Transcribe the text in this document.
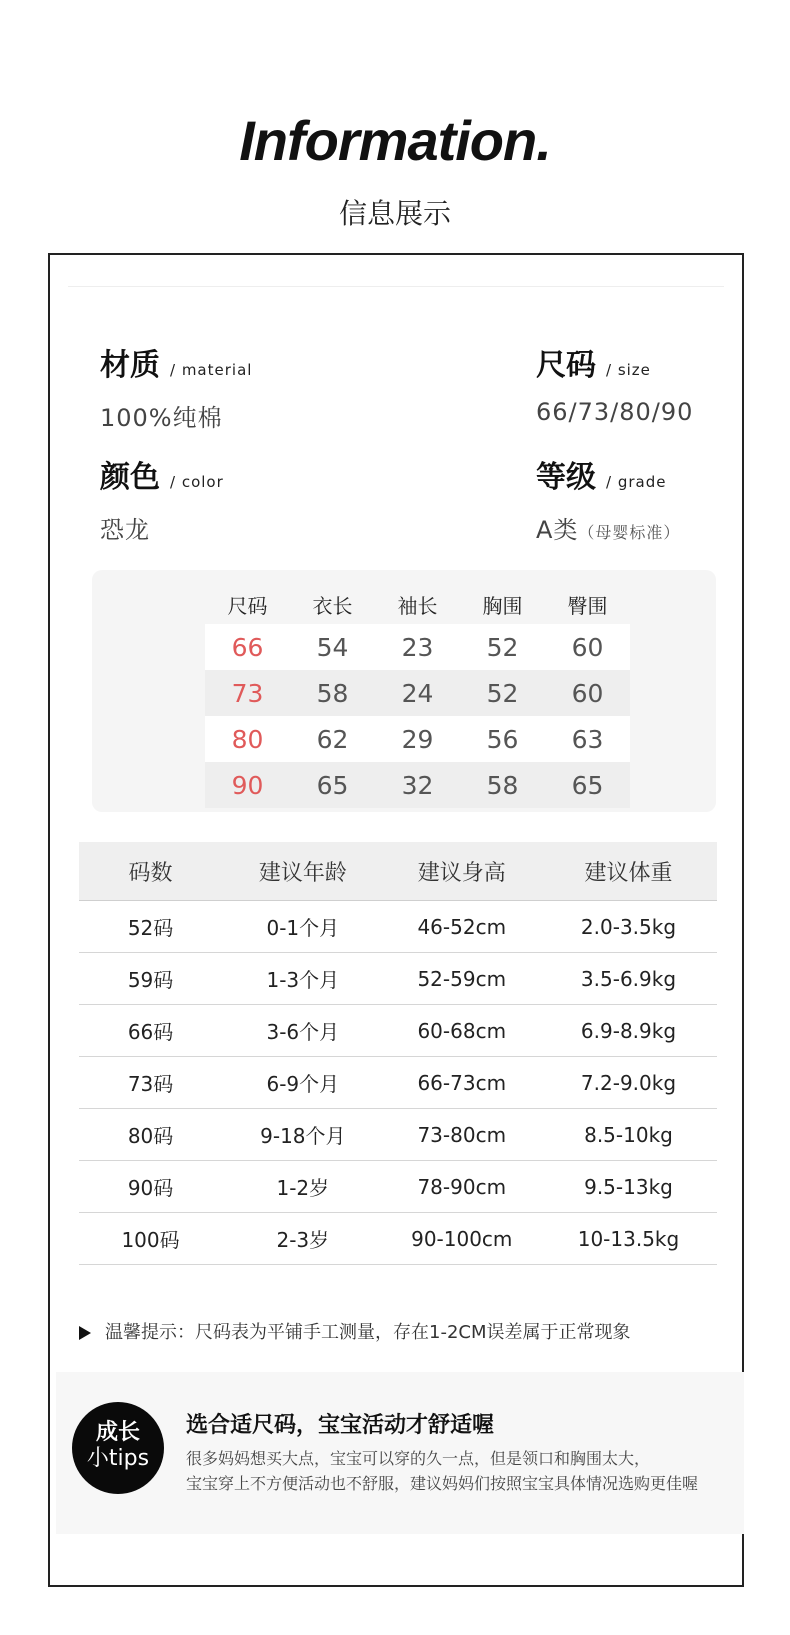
Information.
信息展示
材质 / material
100%纯棉
尺码 / size
66/73/80/90
颜色 / color
恐龙
等级 / grade
A类（母婴标准）
尺码	衣长	袖长	胸围	臀围
66	54	23	52	60
73	58	24	52	60
80	62	29	56	63
90	65	32	58	65
码数	建议年龄	建议身高	建议体重
52码	0-1个月	46-52cm	2.0-3.5kg
59码	1-3个月	52-59cm	3.5-6.9kg
66码	3-6个月	60-68cm	6.9-8.9kg
73码	6-9个月	66-73cm	7.2-9.0kg
80码	9-18个月	73-80cm	8.5-10kg
90码	1-2岁	78-90cm	9.5-13kg
100码	2-3岁	90-100cm	10-13.5kg
温馨提示：尺码表为平铺手工测量，存在1-2CM误差属于正常现象
成长
小tips
选合适尺码，宝宝活动才舒适喔
很多妈妈想买大点，宝宝可以穿的久一点，但是领口和胸围太大，
宝宝穿上不方便活动也不舒服，建议妈妈们按照宝宝具体情况选购更佳喔
